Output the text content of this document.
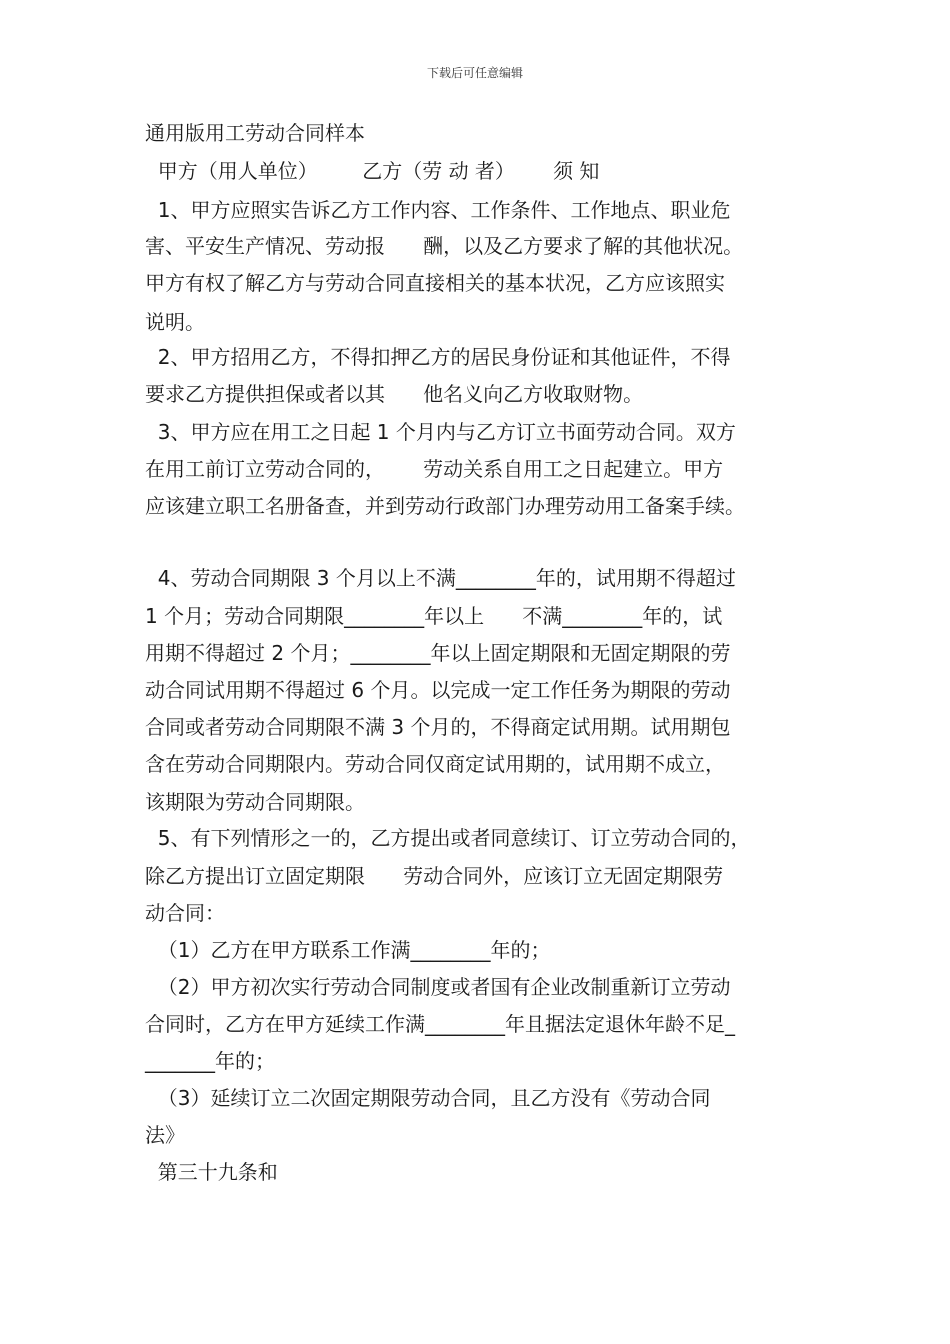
下载后可任意编辑
通用版用工劳动合同样本
甲方（用人单位）       乙方（劳 动 者）      须 知
1、甲方应照实告诉乙方工作内容、工作条件、工作地点、职业危
害、平安生产情况、劳动报      酬，以及乙方要求了解的其他状况。
甲方有权了解乙方与劳动合同直接相关的基本状况，乙方应该照实
说明。
2、甲方招用乙方，不得扣押乙方的居民身份证和其他证件，不得
要求乙方提供担保或者以其      他名义向乙方收取财物。
3、甲方应在用工之日起 1 个月内与乙方订立书面劳动合同。双方
在用工前订立劳动合同的，      劳动关系自用工之日起建立。甲方
应该建立职工名册备查，并到劳动行政部门办理劳动用工备案手续。
4、劳动合同期限 3 个月以上不满________年的，试用期不得超过
1 个月；劳动合同期限________年以上      不满________年的，试
用期不得超过 2 个月；________年以上固定期限和无固定期限的劳
动合同试用期不得超过 6 个月。以完成一定工作任务为期限的劳动
合同或者劳动合同期限不满 3 个月的，不得商定试用期。试用期包
含在劳动合同期限内。劳动合同仅商定试用期的，试用期不成立，
该期限为劳动合同期限。
5、有下列情形之一的，乙方提出或者同意续订、订立劳动合同的，
除乙方提出订立固定期限      劳动合同外，应该订立无固定期限劳
动合同：
（1）乙方在甲方联系工作满________年的；
（2）甲方初次实行劳动合同制度或者国有企业改制重新订立劳动
合同时，乙方在甲方延续工作满________年且据法定退休年龄不足_
_______年的；
（3）延续订立二次固定期限劳动合同，且乙方没有《劳动合同
法》
第三十九条和
